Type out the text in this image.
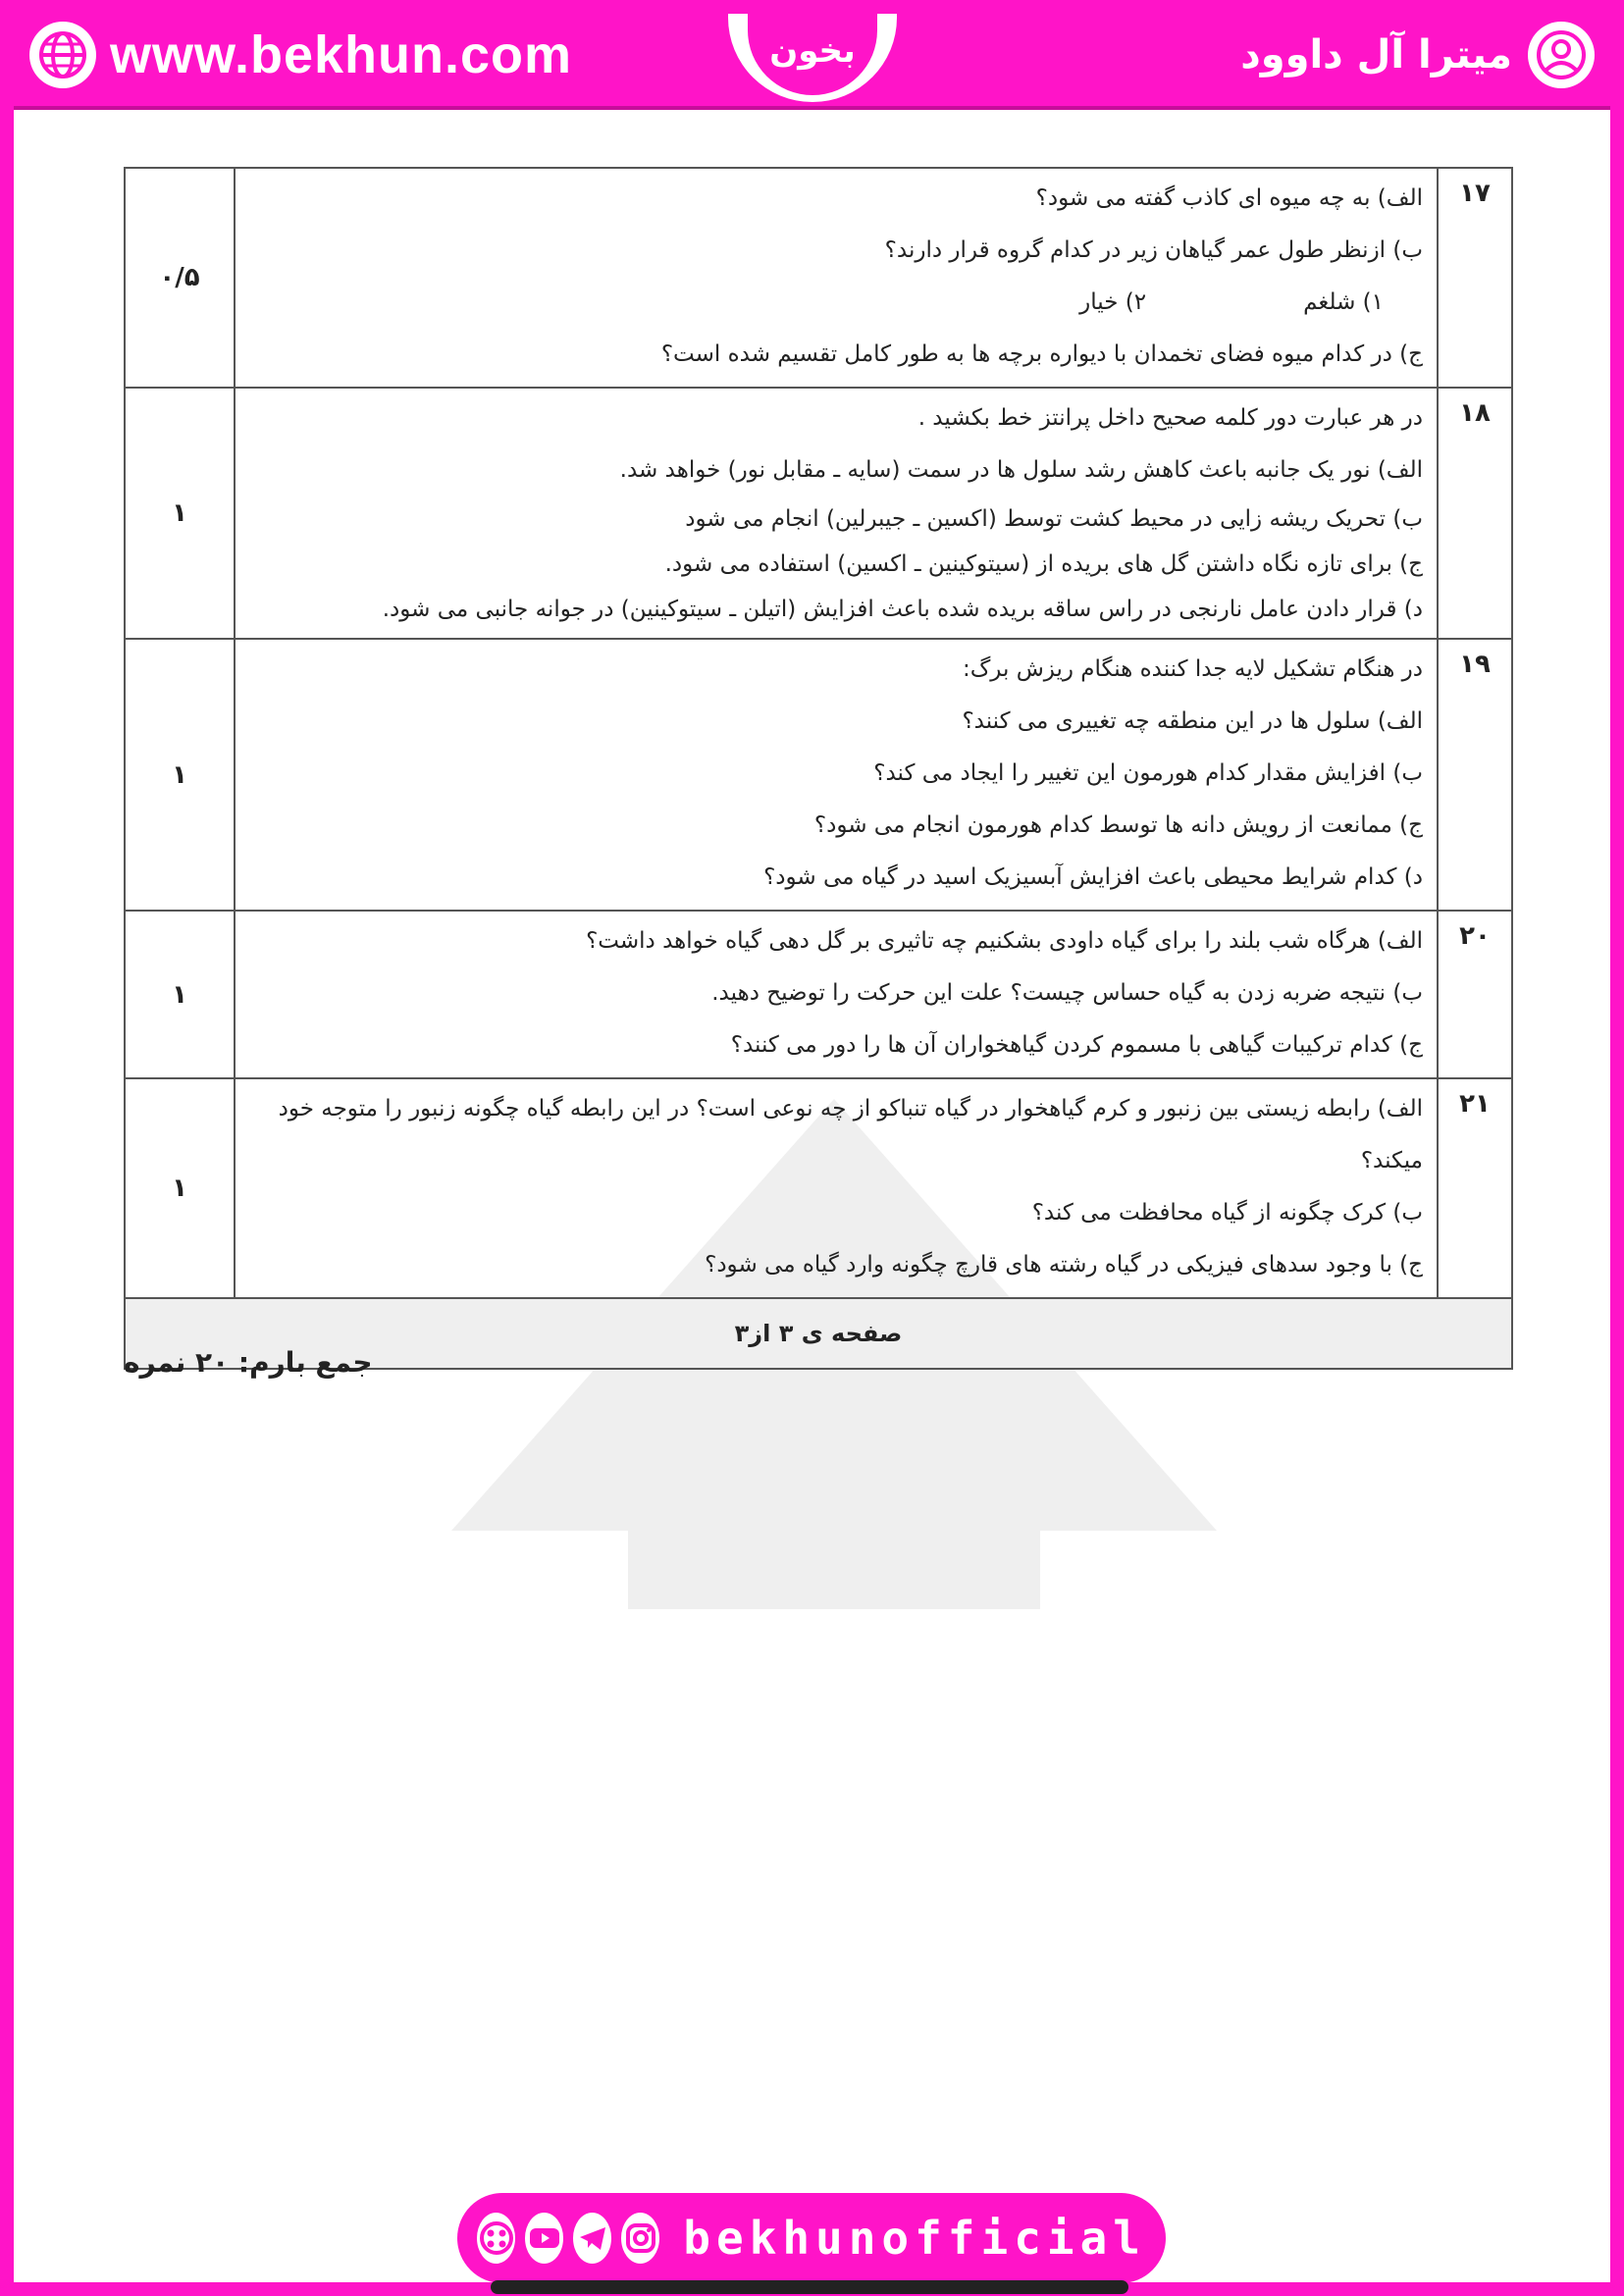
www.bekhun.com	بخون	میترا آل داوود
۱۷	الف) به چه میوه ای کاذب گفته می شود؟
ب) ازنظر طول عمر گیاهان زیر در کدام گروه قرار دارند؟
۱) شلغم
۲) خیار
ج) در کدام میوه فضای تخمدان با دیواره برچه ها به طور کامل تقسیم شده است؟	۰/۵
۱۸	در هر عبارت دور کلمه صحیح داخل پرانتز خط بکشید .
الف) نور یک جانبه باعث کاهش رشد سلول ها در سمت (سایه ـ مقابل نور) خواهد شد.
ب) تحریک ریشه زایی در محیط کشت توسط (اکسین ـ جیبرلین) انجام می شود
ج) برای تازه نگاه داشتن گل های بریده از (سیتوکینین ـ اکسین) استفاده می شود.
د) قرار دادن عامل نارنجی در راس ساقه بریده شده باعث افزایش (اتیلن ـ سیتوکینین) در جوانه جانبی می شود.	۱
۱۹	در هنگام تشکیل لایه جدا کننده هنگام ریزش برگ:
الف) سلول ها در این منطقه چه تغییری می کنند؟
ب) افزایش مقدار کدام هورمون این تغییر را ایجاد می کند؟
ج) ممانعت از رویش دانه ها توسط کدام هورمون انجام می شود؟
د) کدام شرایط محیطی باعث افزایش آبسیزیک اسید در گیاه می شود؟	۱
۲۰	الف) هرگاه شب بلند را برای گیاه داودی بشکنیم چه تاثیری بر گل دهی گیاه خواهد داشت؟
ب) نتیجه ضربه زدن به گیاه حساس چیست؟ علت این حرکت را توضیح دهید.
ج) کدام ترکیبات گیاهی با مسموم کردن گیاهخواران آن ها را دور می کنند؟	۱
۲۱	الف) رابطه زیستی بین زنبور و کرم گیاهخوار در گیاه تنباکو از چه نوعی است؟ در این رابطه گیاه چگونه زنبور را متوجه خود
میکند؟
ب) کرک چگونه از گیاه محافظت می کند؟
ج) با وجود سدهای فیزیکی در گیاه رشته های قارچ چگونه وارد گیاه می شود؟	۱
صفحه ی ۳ از۳		
جمع بارم: ۲۰ نمره
bekhunofficial
